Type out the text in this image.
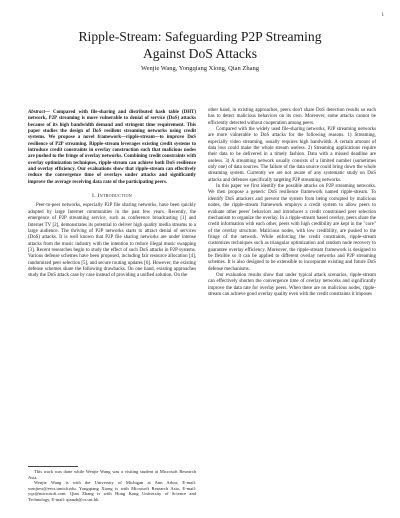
1
Ripple-Stream: Safeguarding P2P Streaming
Against DoS Attacks
Wenjie Wang, Yongqiang Xiong, Qian Zhang

Abstract— Compared with file-sharing and distributed hash table (DHT) network, P2P streaming is more vulnerable to denial of service (DoS) attacks because of its high bandwidth demand and stringent time requirement. This paper studies the design of DoS resilient streaming networks using credit systems. We propose a novel framework—ripple-stream—to improve DoS resilience of P2P streaming. Ripple-stream leverages existing credit systems to introduce credit constraints in overlay construction such that malicious nodes are pushed to the fringe of overlay networks. Combining credit constraints with overlay optimization techniques, ripple-stream can achieve both DoS resilience and overlay efficiency. Our evaluations show that ripple-stream can effectively reduce the convergence time of overlays under attacks and significantly improve the average receiving data rate of the participating peers.

I. Introduction

Peer-to-peer networks, especially P2P file sharing networks, have been quickly adopted by large Internet communities in the past few years. Recently, the emergence of P2P streaming service, such as conference broadcasting [1] and Internet TV [2], demonstrates its potential to deliver high quality media streams to a large audience. The thriving of P2P networks starts to attract denial of services (DoS) attacks. It is well known that P2P file sharing networks are under intense attacks from the music industry with the intention to reduce illegal music swapping [3]. Recent researches begin to study the effect of such DoS attacks in P2P systems. Various defense schemes have been proposed, including fair resource allocation [4], randomized peer selection [5], and secure routing updates [6]. However, the existing defense schemes share the following drawbacks. On one hand, existing approaches study the DoS attack case by case instead of providing a unified solution. On the

other hand, in existing approaches, peers don't share DoS detection results so each has to detect malicious behaviors on its own. Moreover, some attacks cannot be efficiently detected without cooperation among peers.

Compared with the widely used file-sharing networks, P2P streaming networks are more vulnerable to DoS attacks for the following reasons. 1) Streaming, especially video streaming, usually requires high bandwidth. A certain amount of data loss could make the whole stream useless. 2) Streaming applications require their data to be delivered in a timely fashion. Data with a missed deadline are useless. 3) A streaming network usually consists of a limited number (sometimes only one) of data sources. The failure of the data source could bring down the whole streaming system. Currently we are not aware of any systematic study on DoS attacks and defenses specifically targeting P2P streaming networks.

In this paper we first identify the possible attacks on P2P streaming networks. We then propose a generic DoS resilience framework named ripple-stream. To identify DoS attackers and prevent the system from being corrupted by malicious nodes, the ripple-stream framework employs a credit system to allow peers to evaluate other peers' behaviors and introduces a credit constrained peer selection mechanism to organize the overlay. In a ripple-stream based overlay, peers share the credit information with each other, peers with high credibility are kept in the "core" of the overlay structure. Malicious nodes, with low credibility, are pushed to the fringe of the network. While enforcing the credit constraints, ripple-stream customizes techniques such as triangular optimization and random node recovery to guarantee overlay efficiency. Moreover, the ripple-stream framework is designed to be flexible so it can be applied to different overlay networks and P2P streaming schemes. It is also designed to be extensible to incorporate existing and future DoS defense mechanisms.

Our evaluation results show that under typical attack scenarios, ripple-stream can effectively shorten the convergence time of overlay networks and significantly improve the data rate for overlay peers. When there are no malicious nodes, ripple-stream can achieve good overlay quality even with the credit constraints it imposes

This work was done while Wenjie Wang was a visiting student at Microsoft Research Asia.

Wenjie Wang is with the University of Michigan at Ann Arbor, E-mail: wenjiew@eecs.umich.edu. Yongqiang Xiong is with Microsoft Research Asia, E-mail: yqx@microsoft.com. Qian Zhang is with Hong Kong University of Science and Technology, E-mail: qianzh@cs.ust.hk.
